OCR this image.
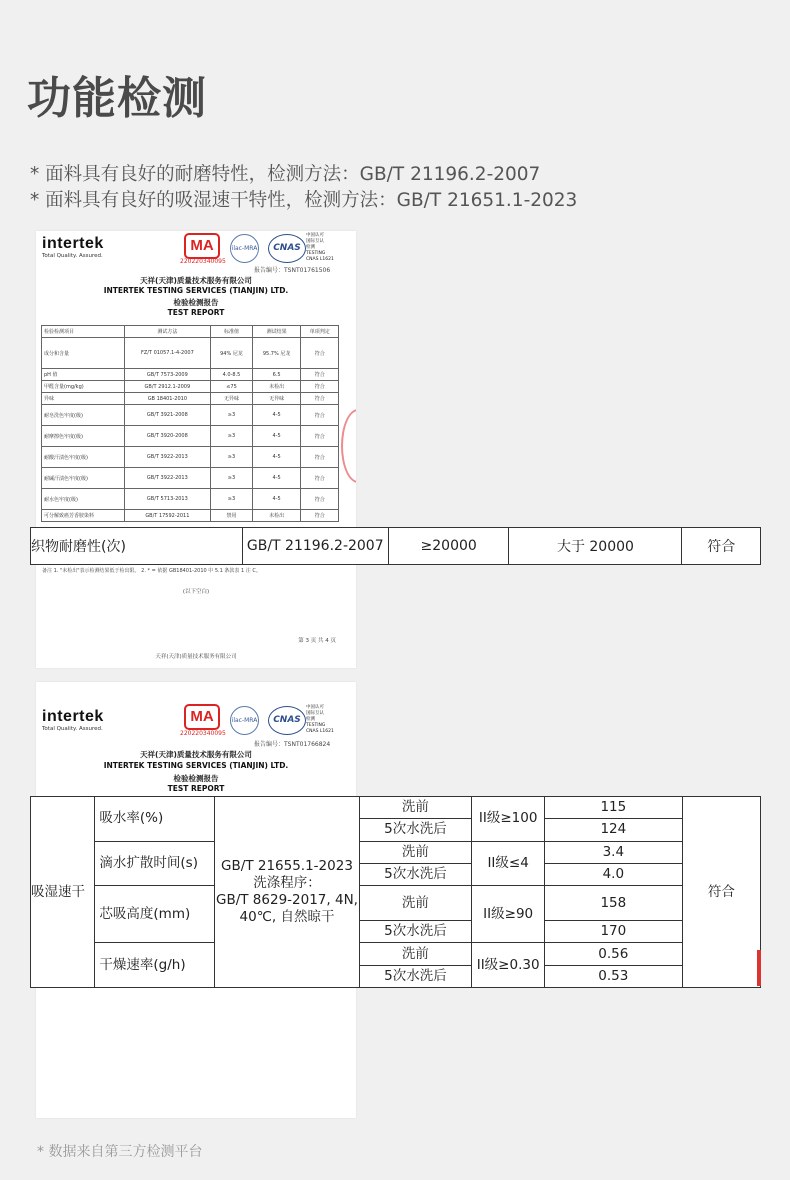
功能检测
* 面料具有良好的耐磨特性，检测方法：GB/T 21196.2-2007
* 面料具有良好的吸湿速干特性，检测方法：GB/T 21651.1-2023
intertek
Total Quality. Assured.
MA
220220340095
ilac-MRA	CNAS
中国认可
国际互认
检测
TESTING
CNAS L1621
报告编号：TSNT01761506
天祥(天津)质量技术服务有限公司
INTERTEK TESTING SERVICES (TIANJIN) LTD.
检验检测报告
TEST REPORT
检验检测项目	测试方法	标准值	测试结果	单项判定
成分和含量	FZ/T 01057.1-4-2007	94% 尼龙	95.7% 尼龙	符合
pH 值	GB/T 7573-2009	4.0-8.5	6.5	符合
甲醛含量(mg/kg)	GB/T 2912.1-2009	≤75	未检出	符合
异味	GB 18401-2010	无异味	无异味	符合
耐皂洗色牢度(级)	GB/T 3921-2008	≥3	4-5	符合
耐摩擦色牢度(级)	GB/T 3920-2008	≥3	4-5	符合
耐酸汗渍色牢度(级)	GB/T 3922-2013	≥3	4-5	符合
耐碱汗渍色牢度(级)	GB/T 3922-2013	≥3	4-5	符合
耐水色牢度(级)	GB/T 5713-2013	≥3	4-5	符合
可分解致癌芳香胺染料	GB/T 17592-2011	禁用	未检出	符合
备注 1. "未检出"表示检测结果低于检出限。 2. * = 依据 GB18401-2010 中 5.1 条款表 1 注 C。
(以下空白)
第 3 页 共 4 页
天祥(天津)质量技术服务有限公司
intertek
Total Quality. Assured.
MA
220220340095
ilac-MRA	CNAS
中国认可
国际互认
检测
TESTING
CNAS L1621
报告编号：TSNT01766824
天祥(天津)质量技术服务有限公司
INTERTEK TESTING SERVICES (TIANJIN) LTD.
检验检测报告
TEST REPORT
织物耐磨性(次)	GB/T 21196.2-2007	≥20000	大于 20000	符合
吸湿速干	吸水率(%)	GB/T 21655.1-2023
洗涤程序：
GB/T 8629-2017, 4N,
40℃, 自然晾干	洗前	II级≥100	115	符合
			5次水洗后		124	
	滴水扩散时间(s)		洗前	II级≤4	3.4	
			5次水洗后		4.0	
	芯吸高度(mm)		洗前	II级≥90	158	
			5次水洗后		170	
	干燥速率(g/h)		洗前	II级≥0.30	0.56	
			5次水洗后		0.53	
* 数据来自第三方检测平台
